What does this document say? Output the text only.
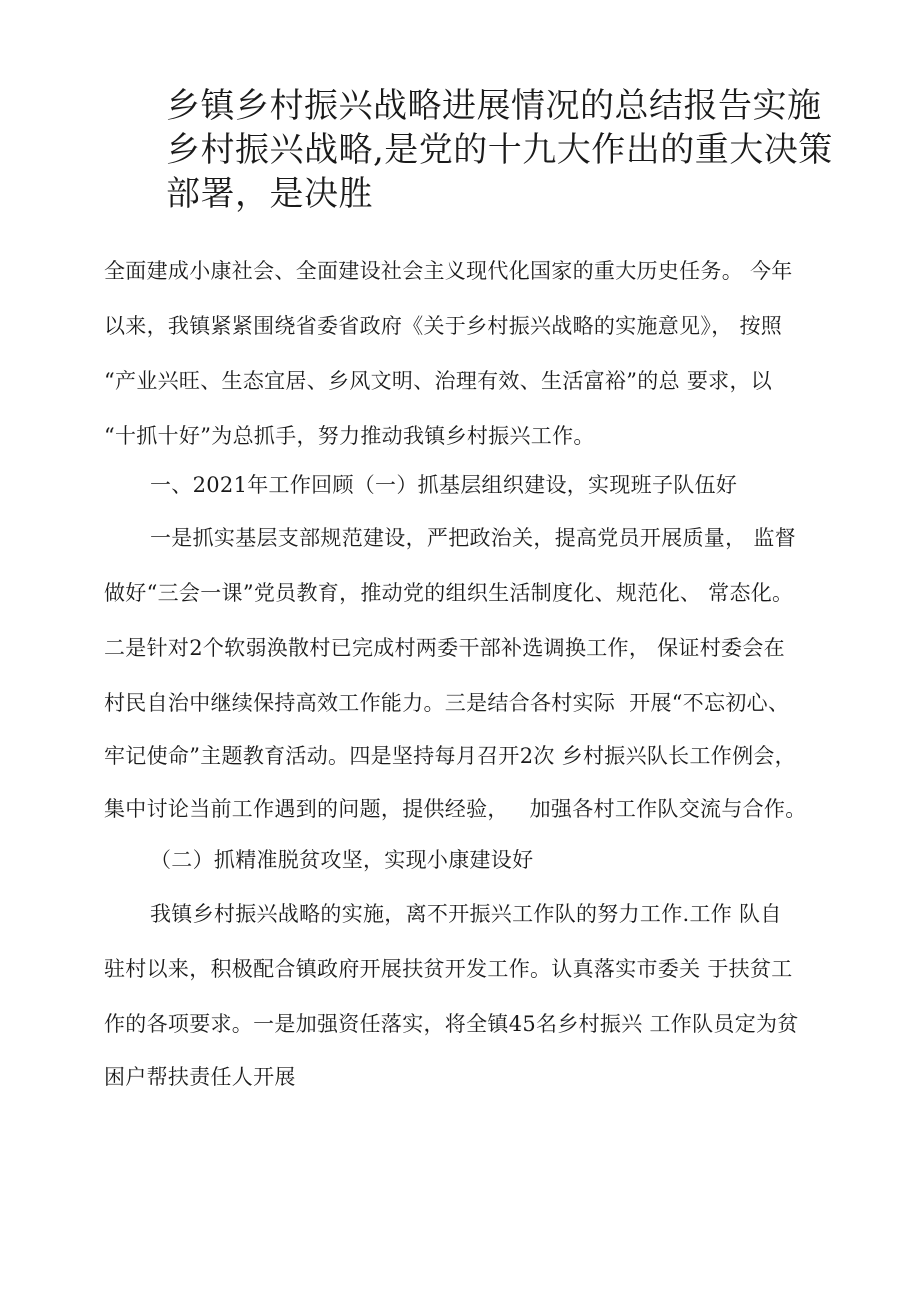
乡镇乡村振兴战略进展情况的总结报告实施
乡村振兴战略,是党的十九大作出的重大决策
部署，是决胜
全面建成小康社会、全面建设社会主义现代化国家的重大历史任务。 今年
以来，我镇紧紧围绕省委省政府《关于乡村振兴战略的实施意见》， 按照
“产业兴旺、生态宜居、乡风文明、治理有效、生活富裕”的总 要求，以
“十抓十好”为总抓手，努力推动我镇乡村振兴工作。
一、2021年工作回顾（一）抓基层组织建设，实现班子队伍好
一是抓实基层支部规范建设，严把政治关，提高党员开展质量， 监督
做好“三会一课”党员教育，推动党的组织生活制度化、规范化、 常态化。
二是针对2个软弱涣散村已完成村两委干部补选调换工作， 保证村委会在
村民自治中继续保持高效工作能力。三是结合各村实际  开展“不忘初心、
牢记使命”主题教育活动。四是坚持每月召开2次 乡村振兴队长工作例会，
集中讨论当前工作遇到的问题，提供经验，   加强各村工作队交流与合作。
（二）抓精准脱贫攻坚，实现小康建设好
我镇乡村振兴战略的实施，离不开振兴工作队的努力工作.工作 队自
驻村以来，积极配合镇政府开展扶贫开发工作。认真落实市委关 于扶贫工
作的各项要求。一是加强资任落实，将全镇45名乡村振兴 工作队员定为贫
困户帮扶责任人开展
